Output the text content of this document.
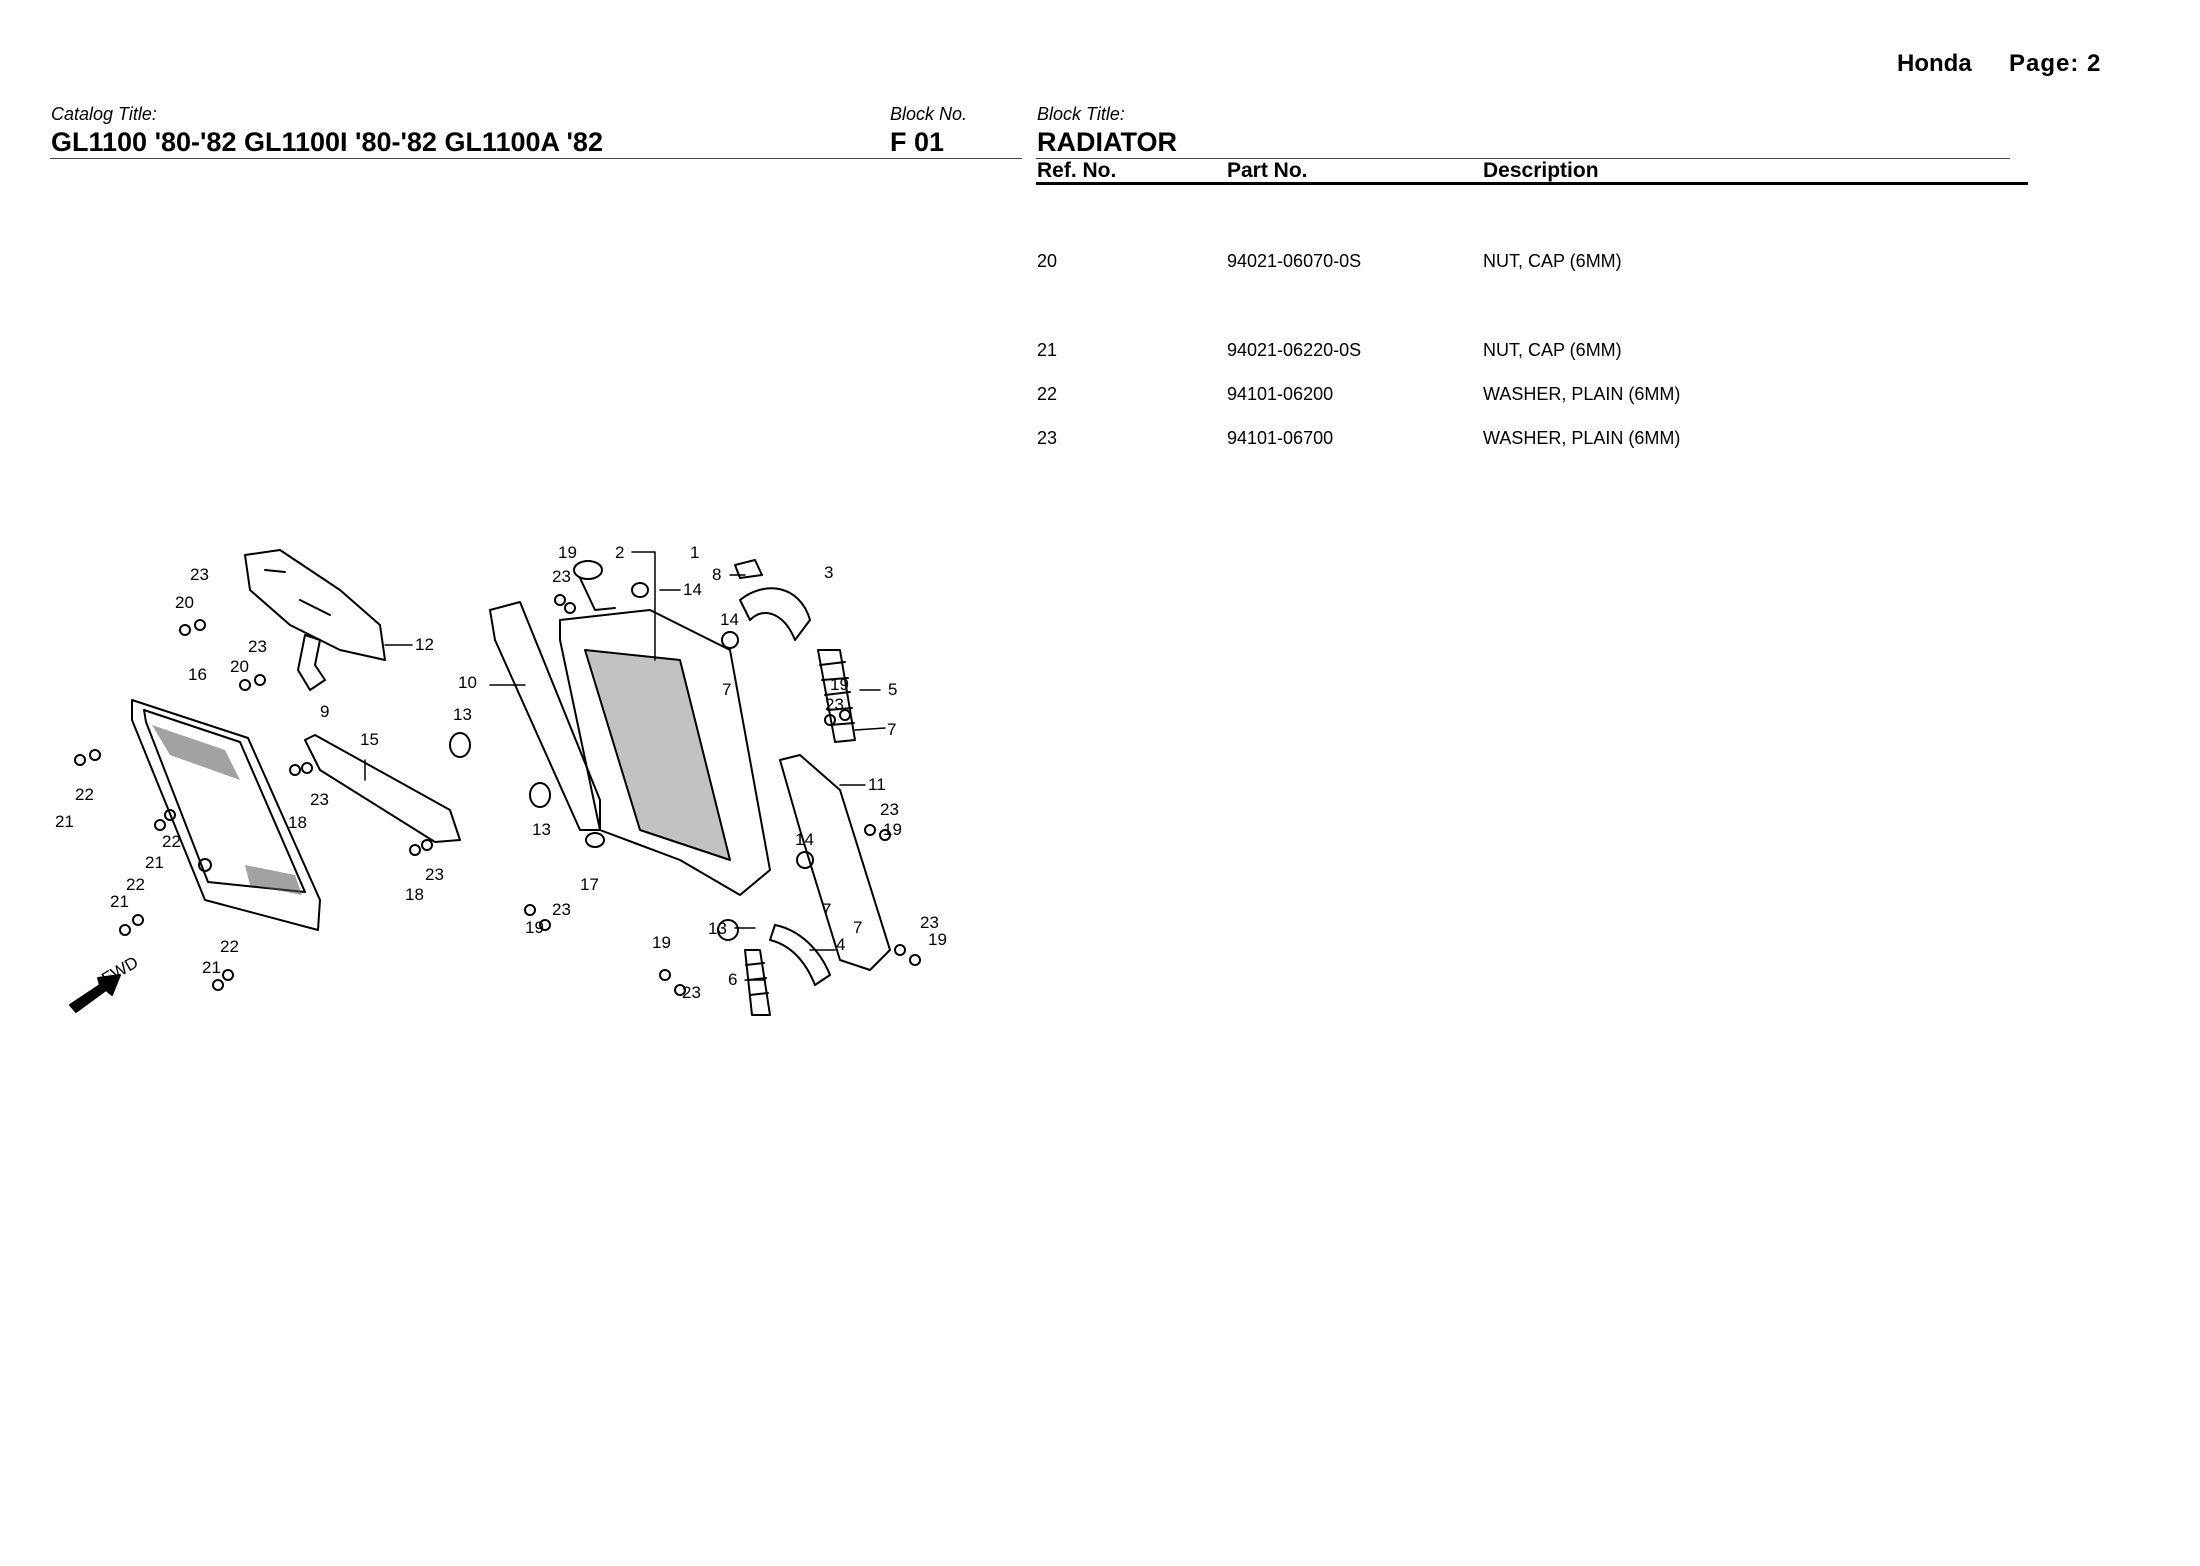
Honda Page: 2
Catalog Title:
GL1100 '80-'82 GL1100I '80-'82 GL1100A '82
Block No.
F 01
Block Title:
RADIATOR
Ref. No.	Part No.	Description
20	94021-06070-0S	NUT, CAP (6MM)
21	94021-06220-0S	NUT, CAP (6MM)
22	94101-06200	WASHER, PLAIN (6MM)
23	94101-06700	WASHER, PLAIN (6MM)
FWD
1
2
3
4
5
6
7
7
7
7
8
9
10
11
12
13
13
13
14
14
14
15
16
17
18
18
19
19
19
19
19	19
20
20
21
21
21
21
22
22
22
22
23
23
23
23
23
23
23
23
23
23
